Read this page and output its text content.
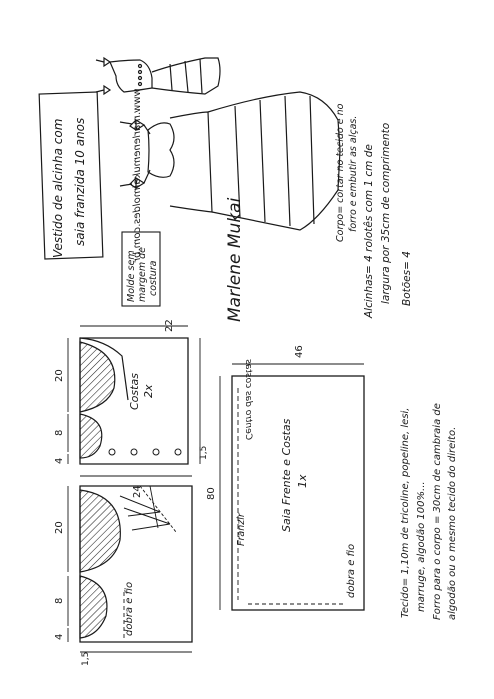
Vestido de alcinha com saia franzida 10 anos	www.marlenemukaimoldes.com.br
Molde sem margem de costura	Marlene Mukai
Corpo= cortar no tecido e no forro e embutir as alças. Alcinhas= 4 rolotês com 1 cm de largura por 35cm de comprimento Botões= 4
Tecido= 1,10m de tricoline, popeline, lesi, marruge, algodão 100%... Forro para o corpo = 30cm de cambraia de algodão ou o mesmo tecido do direito.
20
8
4
22
1,5
Costas 2x
20
8
4
24
1,5
dobra e fio
80
46
Centro das costas
Franzir	Saia Frente e Costas 1x
dobra e fio
